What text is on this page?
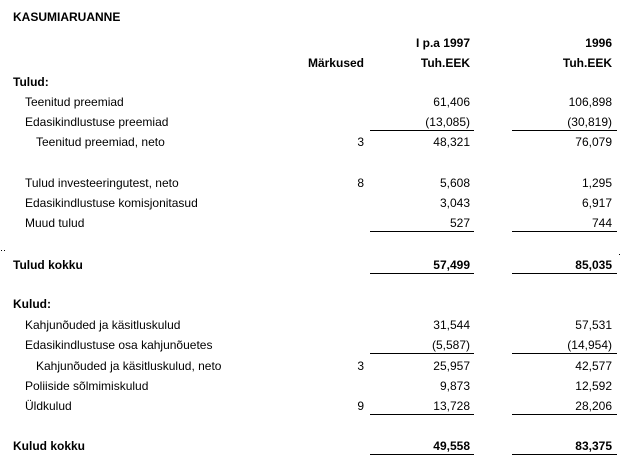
KASUMIARUANNE
I p.a 1997	1996
Märkused	Tuh.EEK	Tuh.EEK
Tulud:
Teenitud preemiad	61,406	106,898
Edasikindlustuse preemiad	(13,085)	(30,819)
Teenitud preemiad, neto	3	48,321	76,079
Tulud investeeringutest, neto	8	5,608	1,295
Edasikindlustuse komisjonitasud	3,043	6,917
Muud tulud	527	744
Tulud kokku	57,499	85,035
Kulud:
Kahjunõuded ja käsitluskulud	31,544	57,531
Edasikindlustuse osa kahjunõuetes	(5,587)	(14,954)
Kahjunõuded ja käsitluskulud, neto	3	25,957	42,577
Poliiside sõlmimiskulud	9,873	12,592
Üldkulud	9	13,728	28,206
Kulud kokku	49,558	83,375
